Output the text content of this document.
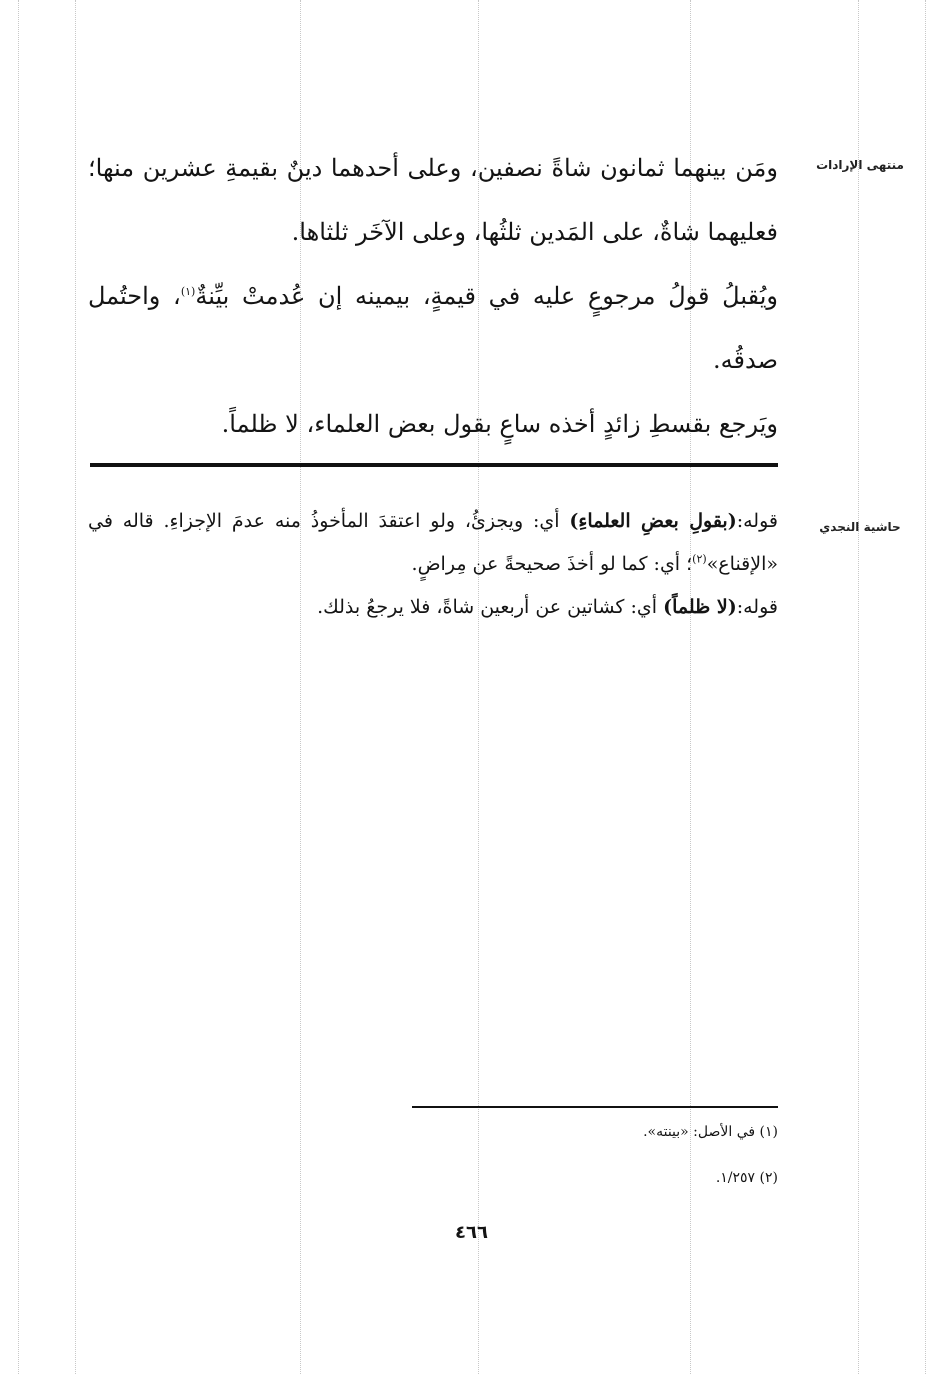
منتهى الإرادات
حاشية النجدي

ومَن بينهما ثمانون شاةً نصفين، وعلى أحدهما دينٌ بقيمةِ عشرين منها؛ فعليهما شاةٌ، على المَدين ثلثُها، وعلى الآخَر ثلثاها.

ويُقبلُ قولُ مرجوعٍ عليه في قيمةٍ، بيمينه إن عُدمتْ بيِّنةٌ$^{(١)}$، واحتُمل صدقُه.

ويَرجع بقسطِ زائدٍ أخذه ساعٍ بقول بعض العلماء، لا ظلماً.

قوله:(بقولِ بعضِ العلماءِ) أي: ويجزئُ، ولو اعتقدَ المأخوذُ منه عدمَ الإجزاءِ. قاله في «الإقناع»$^{(٢)}$؛ أي: كما لو أخذَ صحيحةً عن مِراضٍ.

قوله:(لا ظلماً) أي: كشاتين عن أربعين شاةً، فلا يرجعُ بذلك.

(١) في الأصل: «بينته».
(٢) ١/٢٥٧.
٤٦٦
